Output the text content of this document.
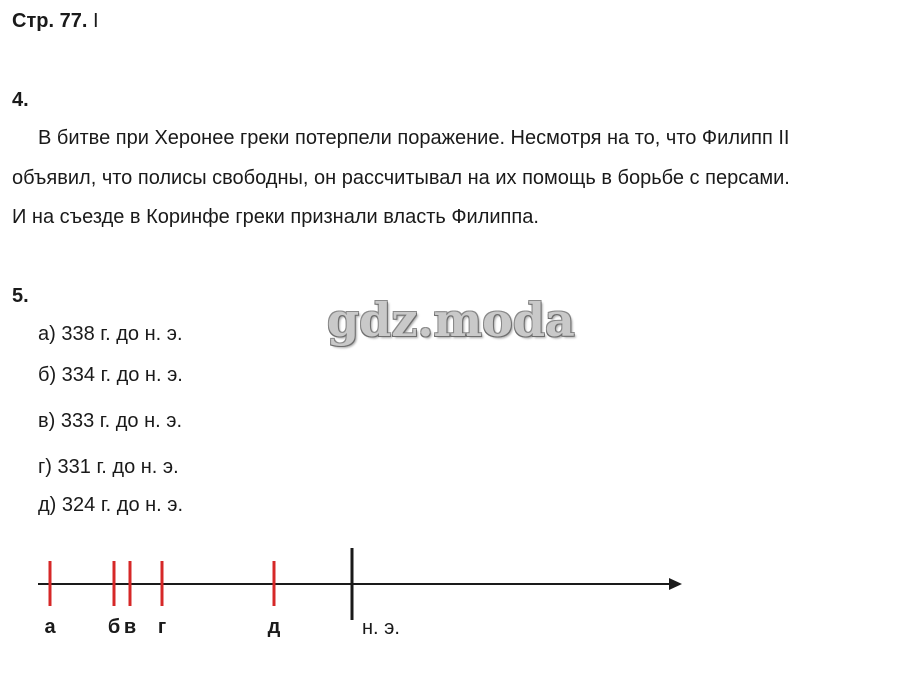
Стр. 77. I
4.
В битве при Херонее греки потерпели поражение. Несмотря на то, что Филипп II
объявил, что полисы свободны, он рассчитывал на их помощь в борьбе с персами.
И на съезде в Коринфе греки признали власть Филиппа.
5.
а) 338 г. до н. э.
б) 334 г. до н. э.
в) 333 г. до н. э.
г) 331 г. до н. э.
д) 324 г. до н. э.
gdz.moda
а	б в г	д	н. э.
